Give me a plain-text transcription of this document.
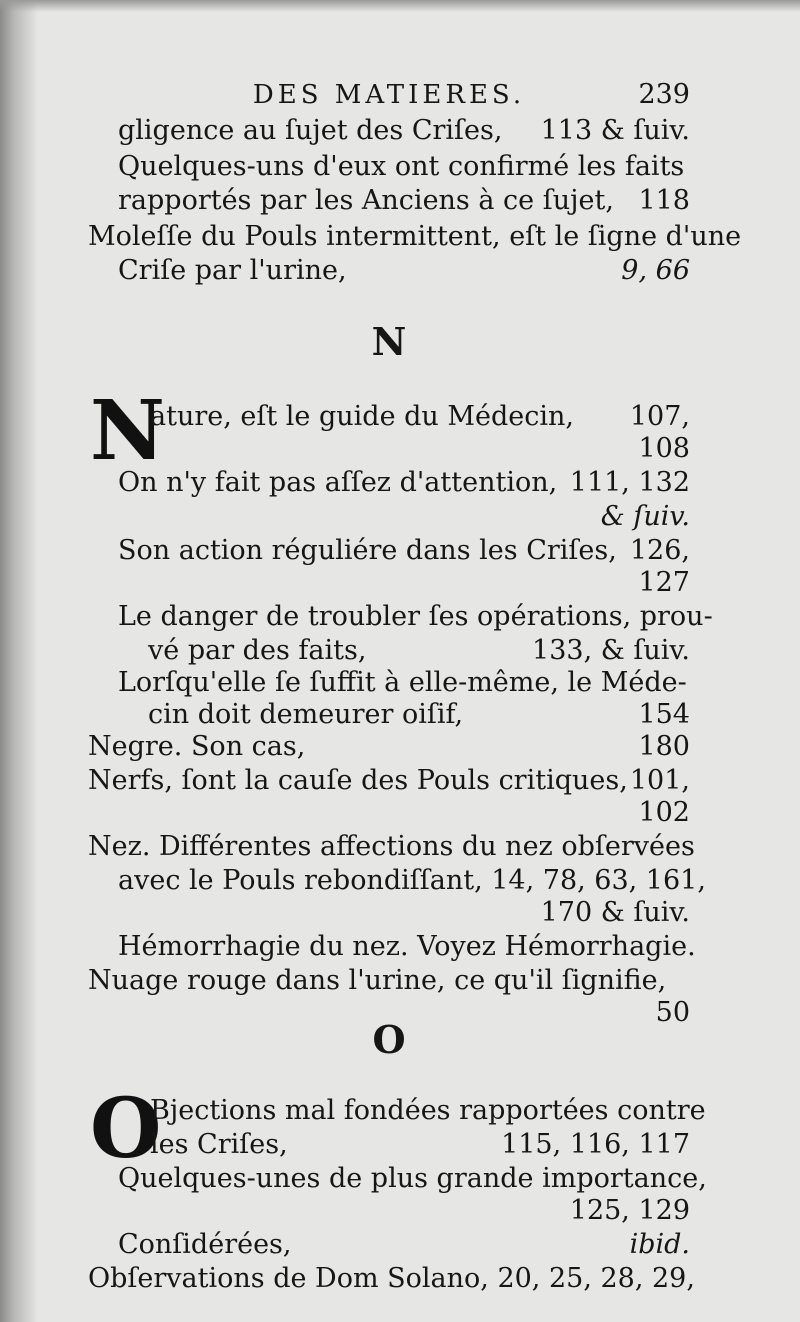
DES MATIERES.	239
gligence au ſujet des Criſes, 113 & ſuiv.
Quelques-uns d'eux ont confirmé les faits
rapportés par les Anciens à ce ſujet, 118
Moleſſe du Pouls intermittent, eſt le ſigne d'une
Criſe par l'urine,	9, 66
N
N
ature, eſt le guide du Médecin, 107,
108
On n'y fait pas aſſez d'attention, 111, 132
& ſuiv.
Son action réguliére dans les Criſes, 126,
127
Le danger de troubler ſes opérations, prou-
vé par des faits,	133, & ſuiv.
Lorſqu'elle ſe ſuffit à elle-même, le Méde-
cin doit demeurer oiſif,	154
Negre. Son cas,	180
Nerfs, ſont la cauſe des Pouls critiques, 101,
102
Nez. Différentes affections du nez obſervées
avec le Pouls rebondiſſant, 14, 78, 63, 161,
170 & ſuiv.
Hémorrhagie du nez. Voyez Hémorrhagie.
Nuage rouge dans l'urine, ce qu'il ſignifie,
50
O
O
Bjections mal fondées rapportées contre
les Criſes,	115, 116, 117
Quelques-unes de plus grande importance,
125, 129
Conſidérées,	ibid.
Obſervations de Dom Solano, 20, 25, 28, 29,
